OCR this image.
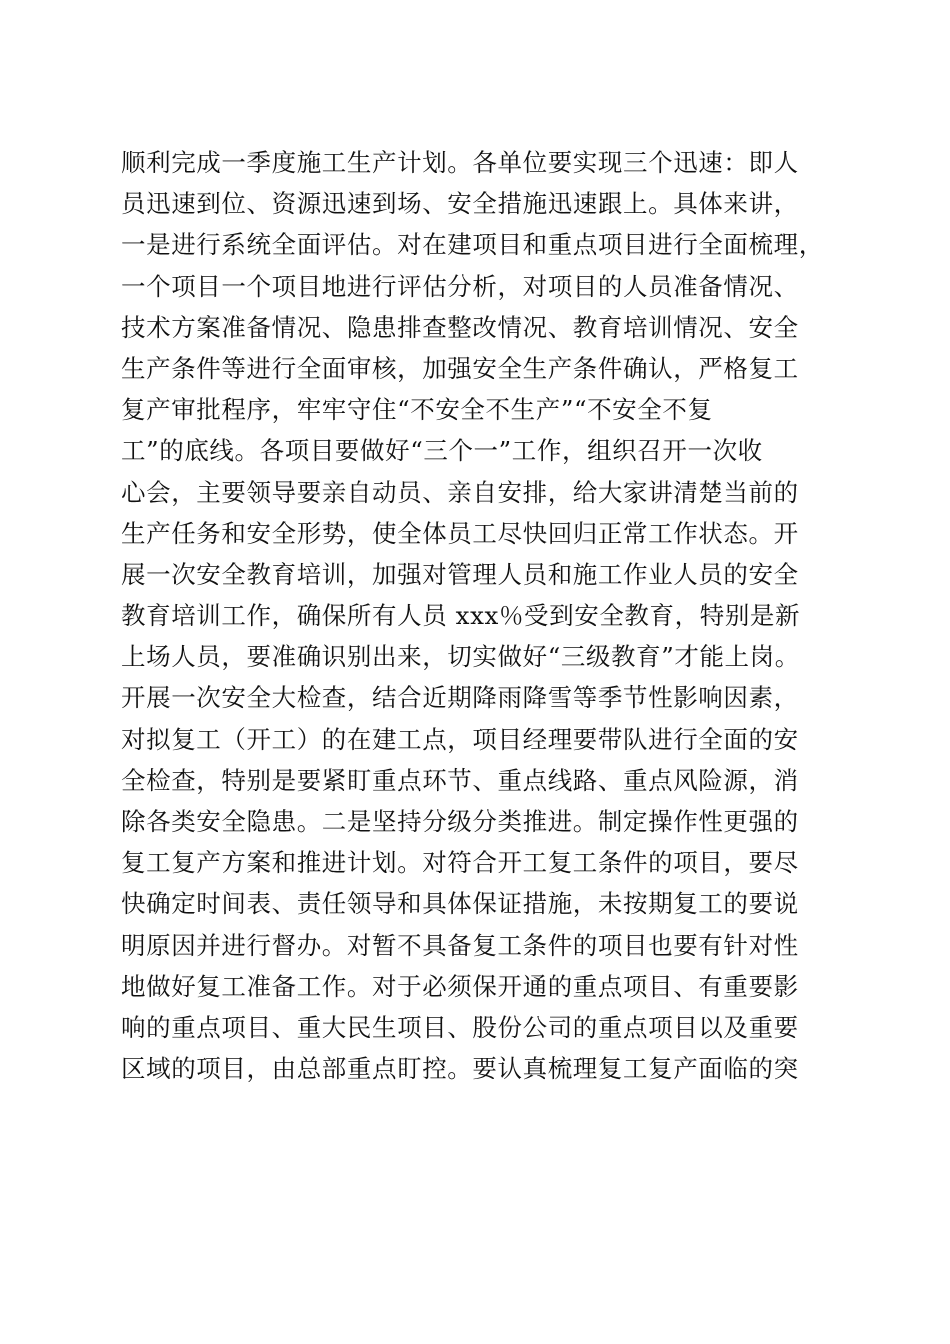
顺利完成一季度施工生产计划。各单位要实现三个迅速：即人
员迅速到位、资源迅速到场、安全措施迅速跟上。具体来讲，
一是进行系统全面评估。对在建项目和重点项目进行全面梳理，
一个项目一个项目地进行评估分析，对项目的人员准备情况、
技术方案准备情况、隐患排查整改情况、教育培训情况、安全
生产条件等进行全面审核，加强安全生产条件确认，严格复工
复产审批程序，牢牢守住“不安全不生产”“不安全不复
工”的底线。各项目要做好“三个一”工作，组织召开一次收
心会，主要领导要亲自动员、亲自安排，给大家讲清楚当前的
生产任务和安全形势，使全体员工尽快回归正常工作状态。开
展一次安全教育培训，加强对管理人员和施工作业人员的安全
教育培训工作，确保所有人员 xxx％受到安全教育，特别是新
上场人员，要准确识别出来，切实做好“三级教育”才能上岗。
开展一次安全大检查，结合近期降雨降雪等季节性影响因素，
对拟复工（开工）的在建工点，项目经理要带队进行全面的安
全检查，特别是要紧盯重点环节、重点线路、重点风险源，消
除各类安全隐患。二是坚持分级分类推进。制定操作性更强的
复工复产方案和推进计划。对符合开工复工条件的项目，要尽
快确定时间表、责任领导和具体保证措施，未按期复工的要说
明原因并进行督办。对暂不具备复工条件的项目也要有针对性
地做好复工准备工作。对于必须保开通的重点项目、有重要影
响的重点项目、重大民生项目、股份公司的重点项目以及重要
区域的项目，由总部重点盯控。要认真梳理复工复产面临的突
